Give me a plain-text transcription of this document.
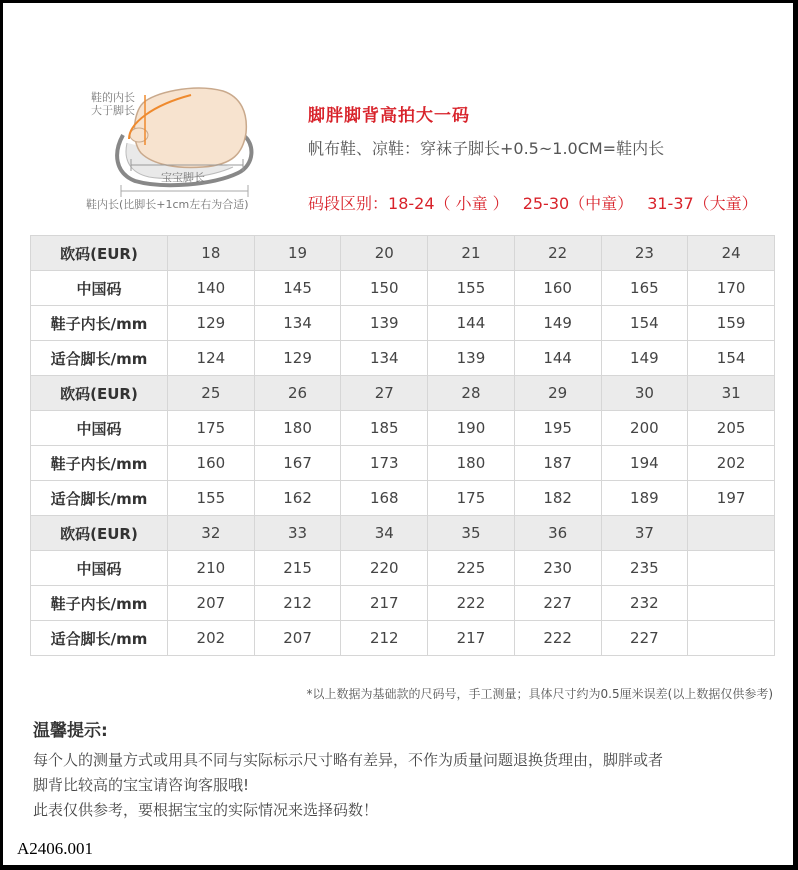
鞋的内长
大于脚长
宝宝脚长
鞋内长(比脚长+1cm左右为合适)
脚胖脚背高拍大一码
帆布鞋、凉鞋：穿袜子脚长+0.5~1.0CM=鞋内长
码段区别：18-24（ 小童 ） 25-30（中童） 31-37（大童）
欧码(EUR)	18	19	20	21	22	23	24
中国码	140	145	150	155	160	165	170
鞋子内长/mm	129	134	139	144	149	154	159
适合脚长/mm	124	129	134	139	144	149	154
欧码(EUR)	25	26	27	28	29	30	31
中国码	175	180	185	190	195	200	205
鞋子内长/mm	160	167	173	180	187	194	202
适合脚长/mm	155	162	168	175	182	189	197
欧码(EUR)	32	33	34	35	36	37	
中国码	210	215	220	225	230	235	
鞋子内长/mm	207	212	217	222	227	232	
适合脚长/mm	202	207	212	217	222	227	
*以上数据为基础款的尺码号，手工测量；具体尺寸约为0.5厘米误差(以上数据仅供参考)
温馨提示:
每个人的测量方式或用具不同与实际标示尺寸略有差异，不作为质量问题退换货理由，脚胖或者
脚背比较高的宝宝请咨询客服哦!
此表仅供参考，要根据宝宝的实际情况来选择码数！
A2406.001
